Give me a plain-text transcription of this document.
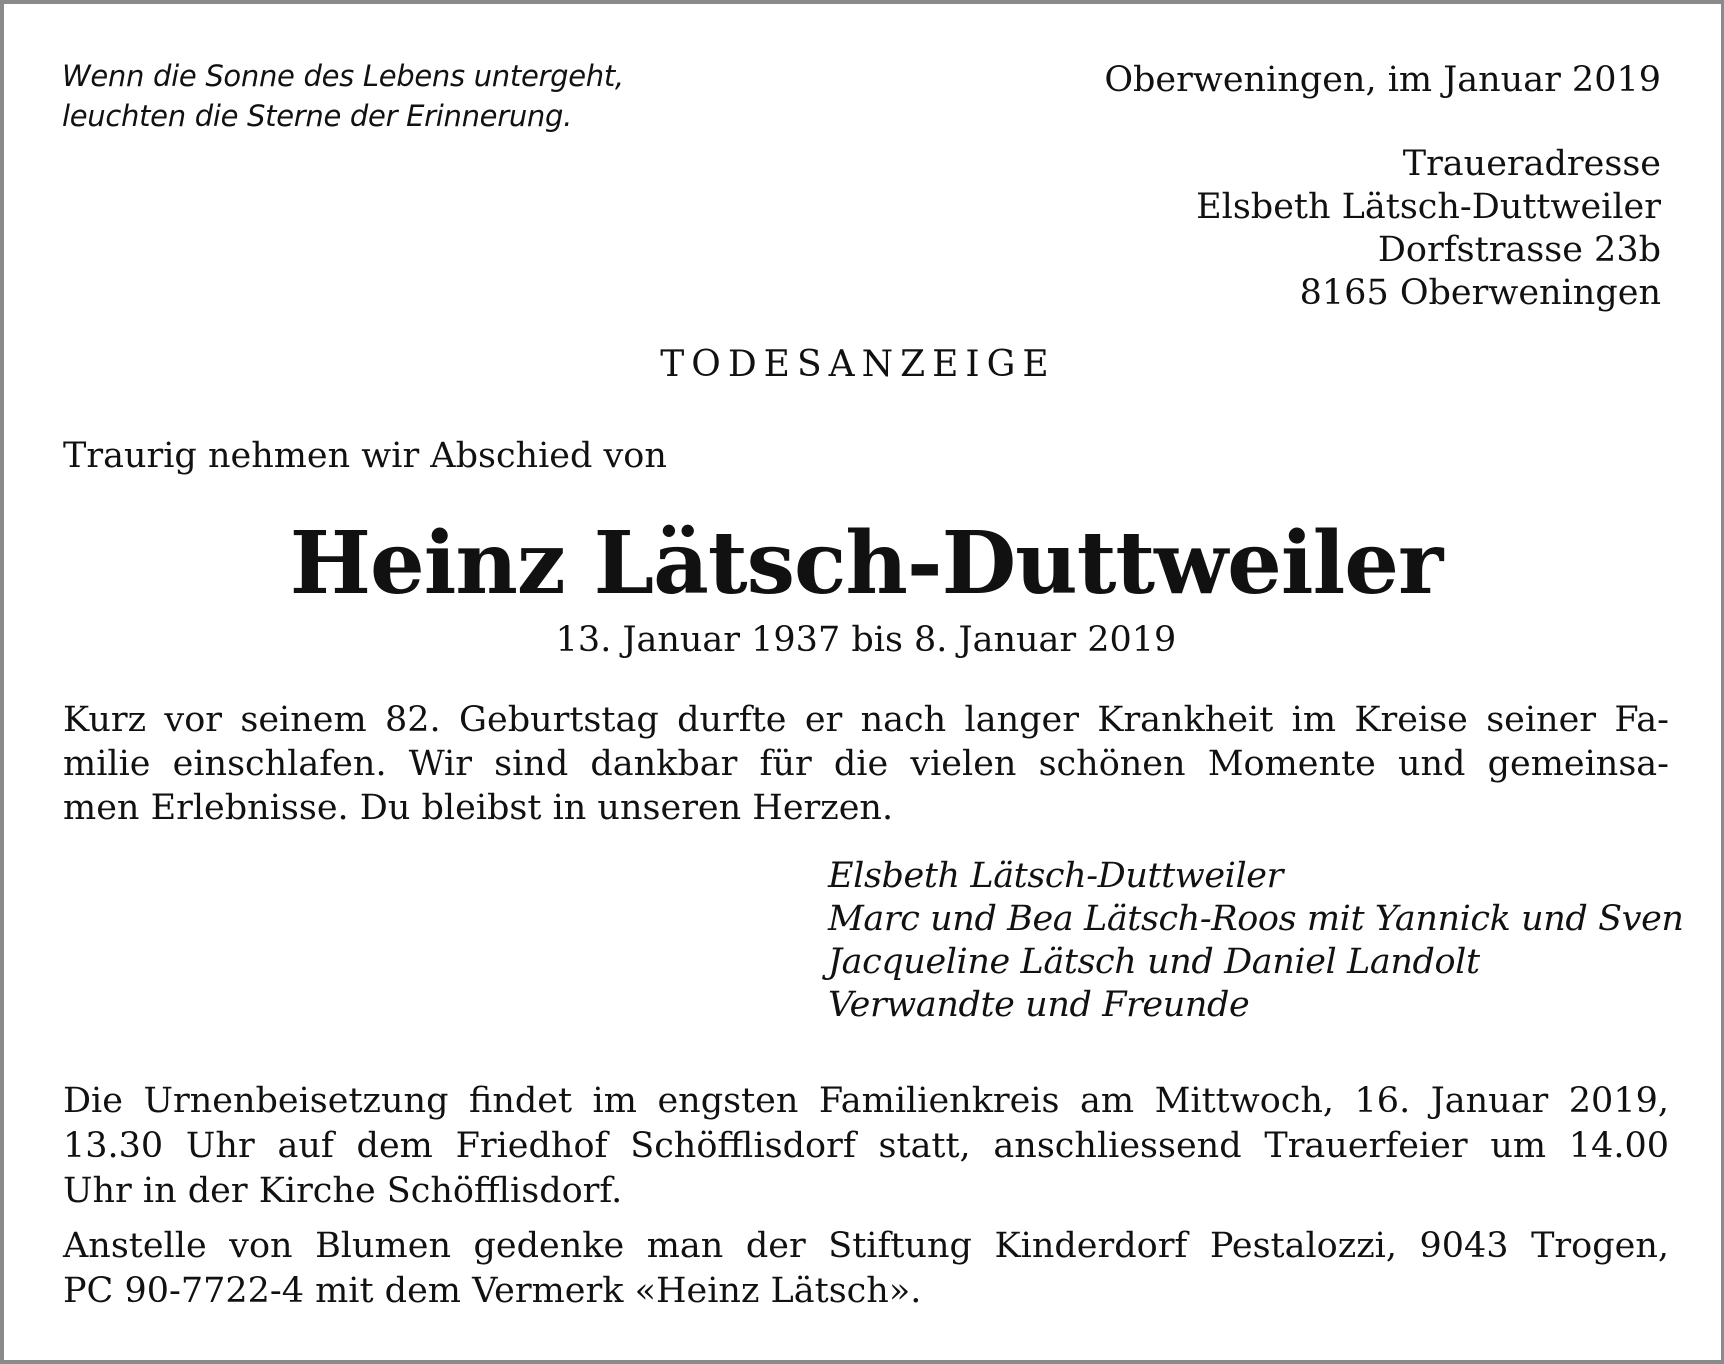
Wenn die Sonne des Lebens untergeht,
leuchten die Sterne der Erinnerung.
Oberweningen, im Januar 2019
Traueradresse
Elsbeth Lätsch-Duttweiler
Dorfstrasse 23b
8165 Oberweningen
TODESANZEIGE
Traurig nehmen wir Abschied von
Heinz Lätsch-Duttweiler
13. Januar 1937 bis 8. Januar 2019
Kurz vor seinem 82. Geburtstag durfte er nach langer Krankheit im Kreise seiner Fa-
milie einschlafen. Wir sind dankbar für die vielen schönen Momente und gemeinsa-
men Erlebnisse. Du bleibst in unseren Herzen.
Elsbeth Lätsch-Duttweiler
Marc und Bea Lätsch-Roos mit Yannick und Sven
Jacqueline Lätsch und Daniel Landolt
Verwandte und Freunde
Die Urnenbeisetzung findet im engsten Familienkreis am Mittwoch, 16. Januar 2019,
13.30 Uhr auf dem Friedhof Schöfflisdorf statt, anschliessend Trauerfeier um 14.00
Uhr in der Kirche Schöfflisdorf.
Anstelle von Blumen gedenke man der Stiftung Kinderdorf Pestalozzi, 9043 Trogen,
PC 90-7722-4 mit dem Vermerk «Heinz Lätsch».
